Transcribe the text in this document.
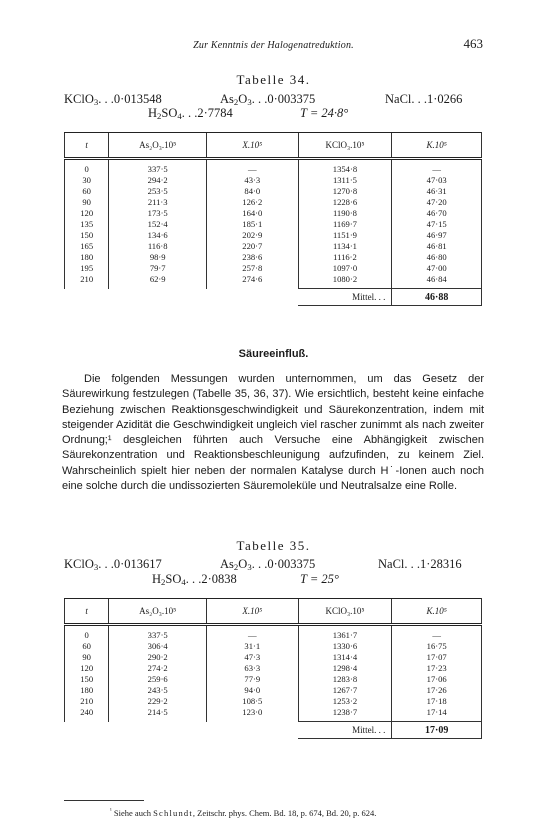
Zur Kenntnis der Halogenatreduktion.	463
Tabelle 34.
KClO$_3$. . .0·013548	$As_2O_3$. . .0·003375	NaCl. . .1·0266
$H_2SO_4$. . .2·7784	T = 24·8°
t	As₂O₃.10⁵	X.10⁵	KClO₃.10⁵	K.10⁵
0	337·5	—	1354·8	—
30	294·2	43·3	1311·5	47·03
60	253·5	84·0	1270·8	46·31
90	211·3	126·2	1228·6	47·20
120	173·5	164·0	1190·8	46·70
135	152·4	185·1	1169·7	47·15
150	134·6	202·9	1151·9	46·97
165	116·8	220·7	1134·1	46·81
180	98·9	238·6	1116·2	46·80
195	79·7	257·8	1097·0	47·00
210	62·9	274·6	1080·2	46·84
			Mittel. . .	46·88
Säureeinfluß.
Die folgenden Messungen wurden unternommen, um das Gesetz der Säurewirkung festzulegen (Tabelle 35, 36, 37). Wie ersichtlich, besteht keine einfache Beziehung zwischen Reaktionsgeschwindigkeit und Säurekonzentration, indem mit steigender Azidität die Geschwindigkeit ungleich viel rascher zunimmt als nach zweiter Ordnung;¹ desgleichen führten auch Versuche eine Abhängigkeit zwischen Säurekonzentration und Reaktionsbeschleunigung aufzufinden, zu keinem Ziel. Wahrscheinlich spielt hier neben der normalen Katalyse durch H˙-Ionen auch noch eine solche durch die undissozierten Säuremoleküle und Neutralsalze eine Rolle.
Tabelle 35.
KClO$_3$. . .0·013617	$As_2O_3$. . .0·003375	NaCl. . .1·28316
$H_2SO_4$. . .2·0838	T = 25°
t	As₂O₃.10⁵	X.10⁵	KClO₃.10⁵	K.10⁵
0	337·5	—	1361·7	—
60	306·4	31·1	1330·6	16·75
90	290·2	47·3	1314·4	17·07
120	274·2	63·3	1298·4	17·23
150	259·6	77·9	1283·8	17·06
180	243·5	94·0	1267·7	17·26
210	229·2	108·5	1253·2	17·18
240	214·5	123·0	1238·7	17·14
			Mittel. . .	17·09
$^{^1}$ Siehe auch Schlundt, Zeitschr. phys. Chem. Bd. 18, p. 674, Bd. 20, p. 624.
